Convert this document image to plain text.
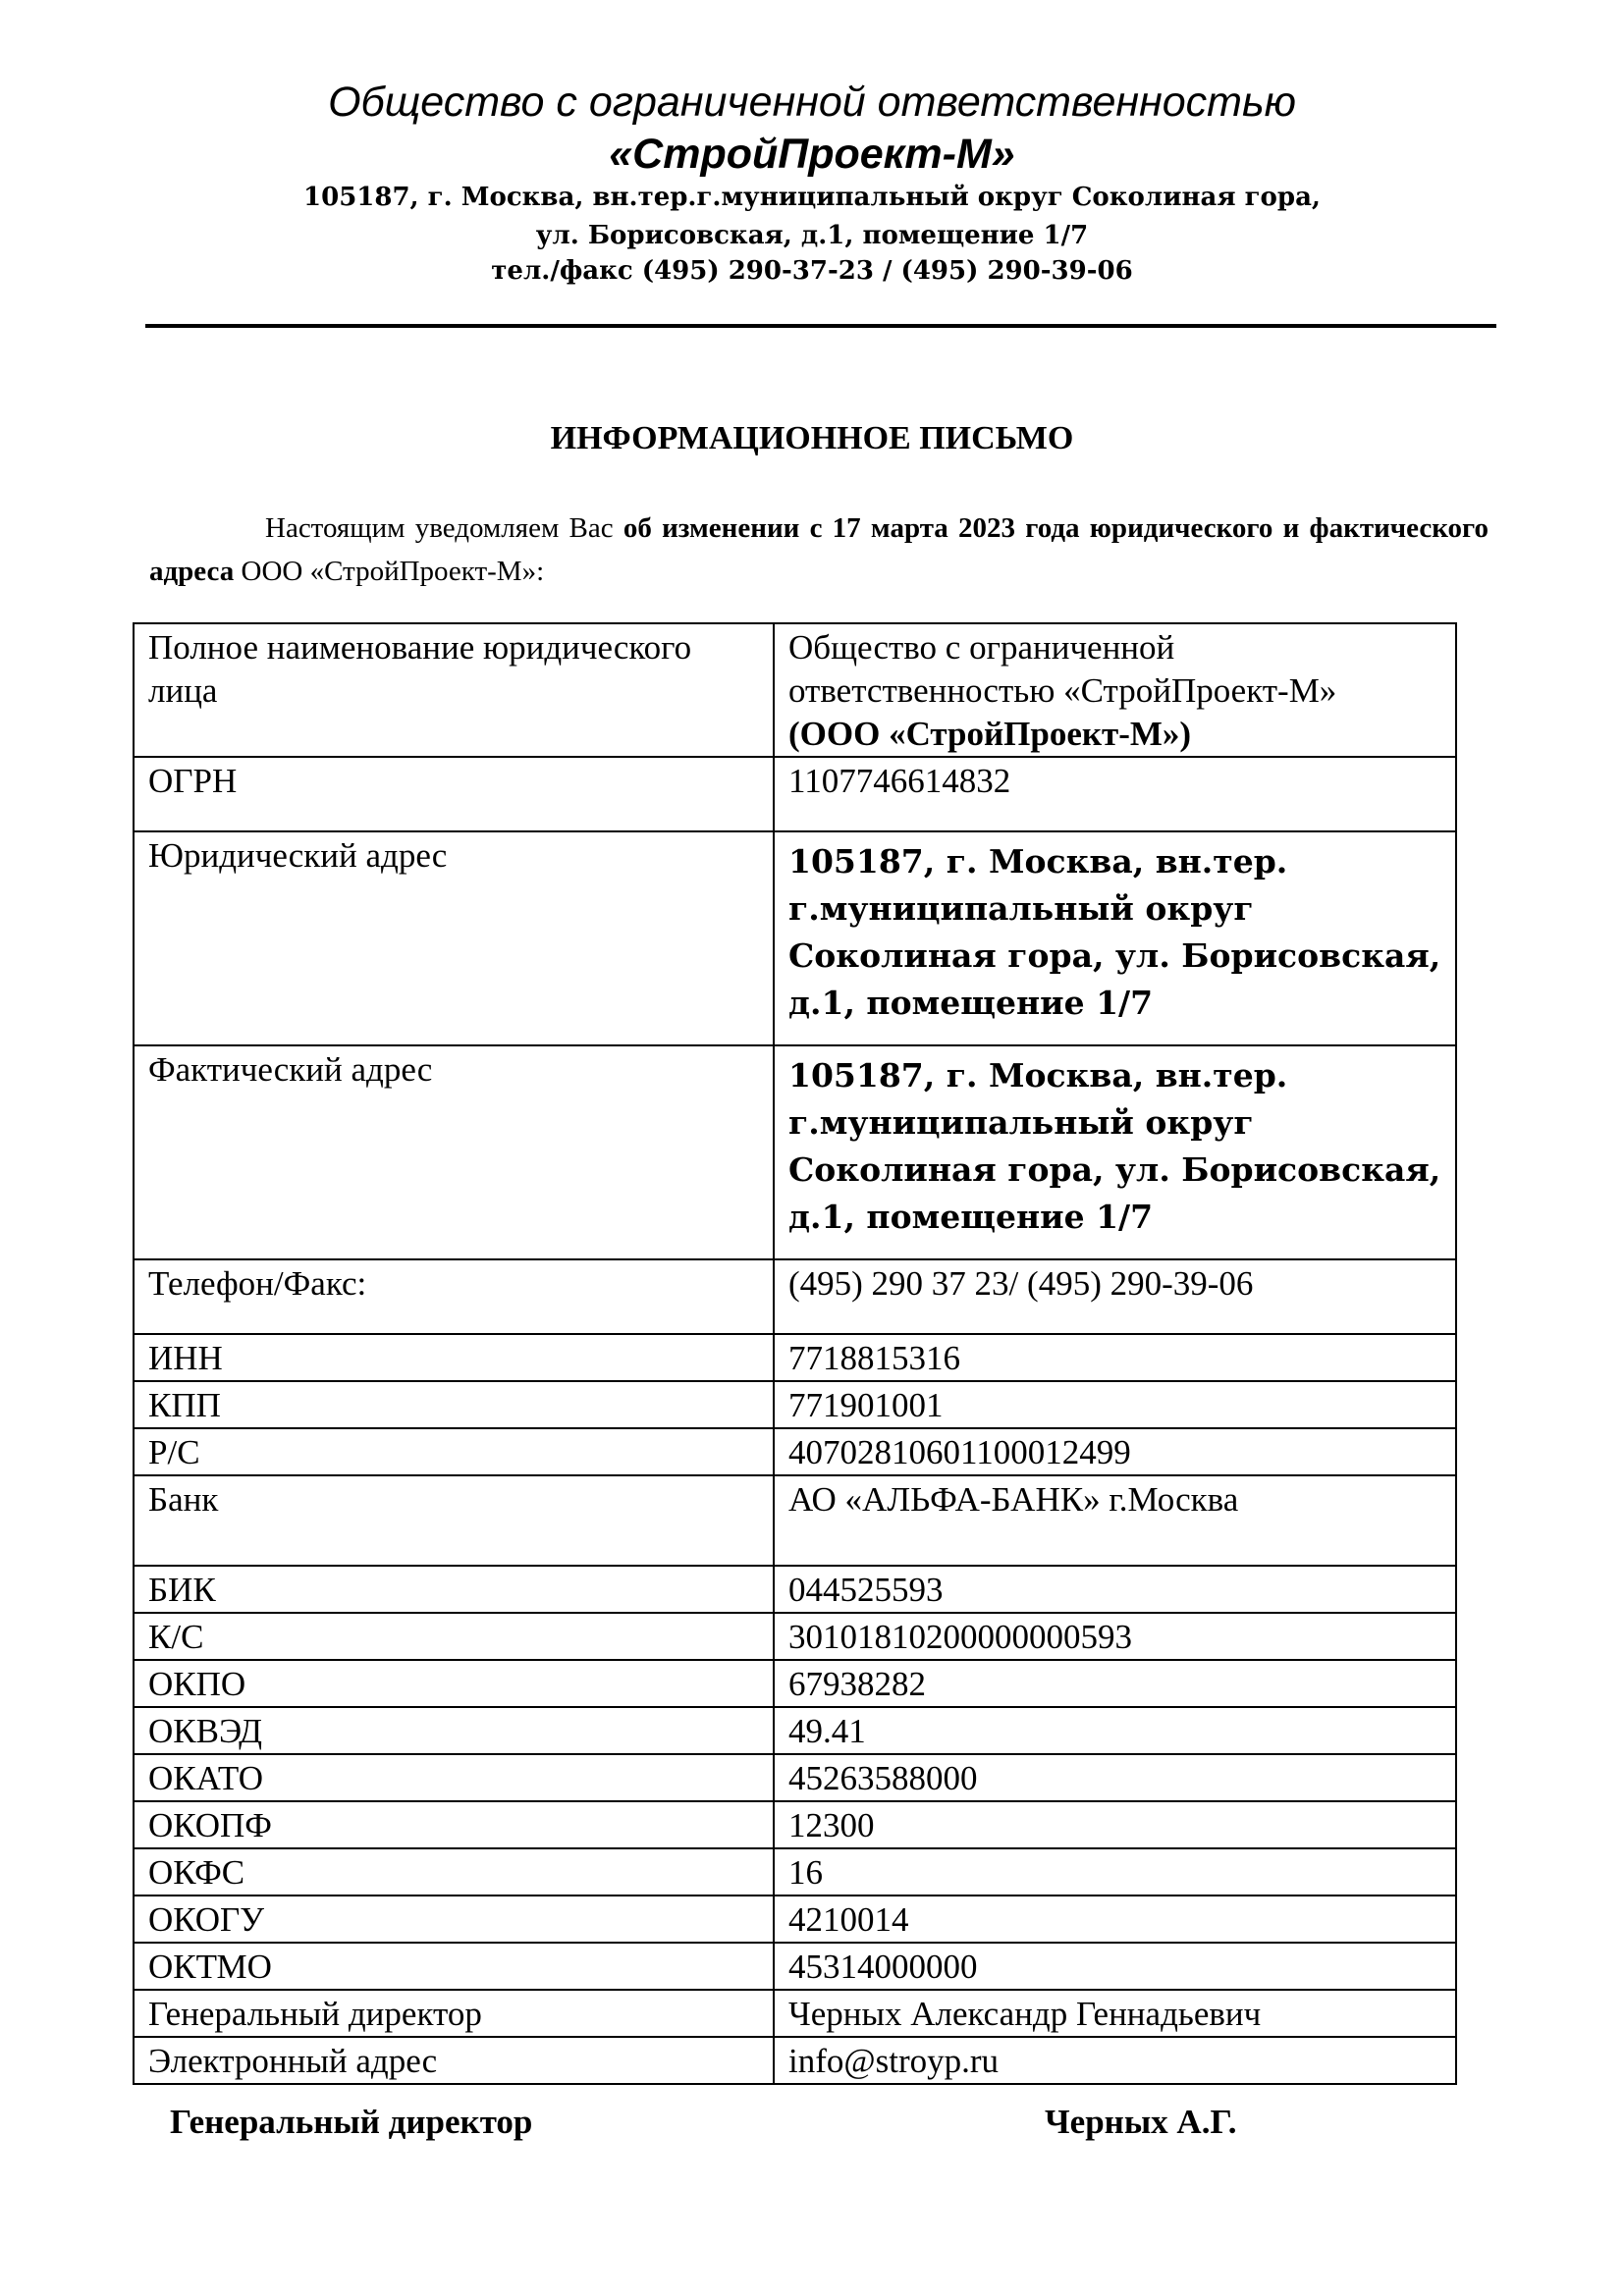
Общество с ограниченной ответственностью
«СтройПроект-М»
105187, г. Москва, вн.тер.г.муниципальный округ Соколиная гора,
ул. Борисовская, д.1, помещение 1/7
тел./факс (495) 290-37-23 / (495) 290-39-06
ИНФОРМАЦИОННОЕ ПИСЬМО
Настоящим уведомляем Вас об изменении с 17 марта 2023 года юридического и фактического адреса ООО «СтройПроект-М»:
Полное наименование юридического лица	Общество с ограниченной ответственностью «СтройПроект-М»
(ООО «СтройПроект-М»)
ОГРН	1107746614832
Юридический адрес	105187, г. Москва, вн.тер. г.муниципальный округ Соколиная гора, ул. Борисовская, д.1, помещение 1/7

Фактический адрес	105187, г. Москва, вн.тер. г.муниципальный округ Соколиная гора, ул. Борисовская, д.1, помещение 1/7

Телефон/Факс:	(495) 290 37 23/ (495) 290-39-06
ИНН	7718815316
КПП	771901001
Р/С	40702810601100012499
Банк	АО «АЛЬФА-БАНК» г.Москва
БИК	044525593
К/С	30101810200000000593
ОКПО	67938282
ОКВЭД	49.41
ОКАТО	45263588000
ОКОПФ	12300
ОКФС	16
ОКОГУ	4210014
ОКТМО	45314000000
Генеральный директор	Черных Александр Геннадьевич
Электронный адрес	info@stroyp.ru
Генеральный директор	Черных А.Г.
